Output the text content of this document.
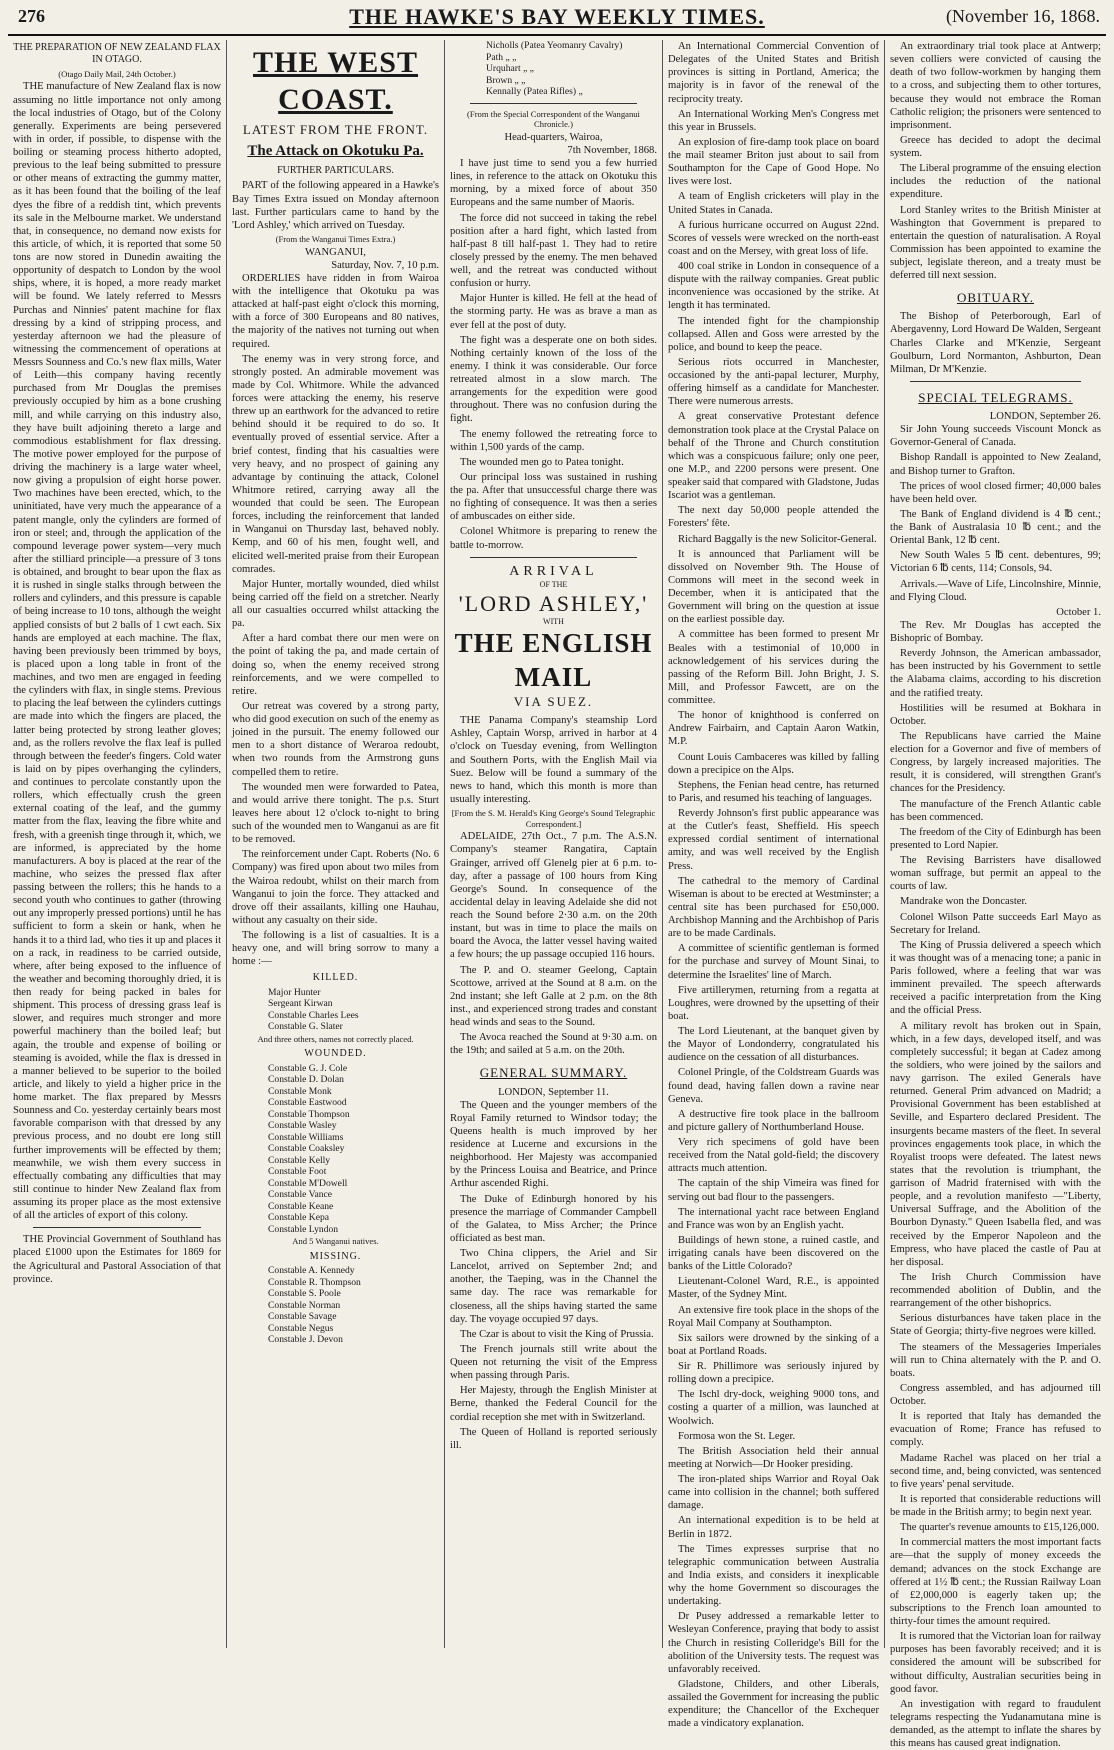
276	THE HAWKE'S BAY WEEKLY TIMES.	(November 16, 1868.
THE PREPARATION OF NEW ZEALAND FLAX IN OTAGO.
(Otago Daily Mail, 24th October.)

THE manufacture of New Zealand flax is now assuming no little importance not only among the local industries of Otago, but of the Colony generally. Experiments are being persevered with in order, if possible, to dispense with the boiling or steaming process hitherto adopted, previous to the leaf being submitted to pressure or other means of extracting the gummy matter, as it has been found that the boiling of the leaf dyes the fibre of a reddish tint, which prevents its sale in the Melbourne market. We understand that, in consequence, no demand now exists for this article, of which, it is reported that some 50 tons are now stored in Dunedin awaiting the opportunity of despatch to London by the wool ships, where, it is hoped, a more ready market will be found. We lately referred to Messrs Purchas and Ninnies' patent machine for flax dressing by a kind of stripping process, and yesterday afternoon we had the pleasure of witnessing the commencement of operations at Messrs Sounness and Co.'s new flax mills, Water of Leith—this company having recently purchased from Mr Douglas the premises previously occupied by him as a bone crushing mill, and while carrying on this industry also, they have built adjoining thereto a large and commodious establishment for flax dressing. The motive power employed for the purpose of driving the machinery is a large water wheel, now giving a propulsion of eight horse power. Two machines have been erected, which, to the uninitiated, have very much the appearance of a patent mangle, only the cylinders are formed of iron or steel; and, through the application of the compound leverage power system—very much after the stilliard principle—a pressure of 3 tons is obtained, and brought to bear upon the flax as it is rushed in single stalks through between the rollers and cylinders, and this pressure is capable of being increase to 10 tons, although the weight applied consists of but 2 balls of 1 cwt each. Six hands are employed at each machine. The flax, having been previously been trimmed by boys, is placed upon a long table in front of the machines, and two men are engaged in feeding the cylinders with flax, in single stems. Previous to placing the leaf between the cylinders cuttings are made into which the fingers are placed, the latter being protected by strong leather gloves; and, as the rollers revolve the flax leaf is pulled through between the feeder's fingers. Cold water is laid on by pipes overhanging the cylinders, and continues to percolate constantly upon the rollers, which effectually crush the green external coating of the leaf, and the gummy matter from the flax, leaving the fibre white and fresh, with a greenish tinge through it, which, we are informed, is appreciated by the home manufacturers. A boy is placed at the rear of the machine, who seizes the pressed flax after passing between the rollers; this he hands to a second youth who continues to gather (throwing out any improperly pressed portions) until he has sufficient to form a skein or hank, when he hands it to a third lad, who ties it up and places it on a rack, in readiness to be carried outside, where, after being exposed to the influence of the weather and becoming thoroughly dried, it is then ready for being packed in bales for shipment. This process of dressing grass leaf is slower, and requires much stronger and more powerful machinery than the boiled leaf; but again, the trouble and expense of boiling or steaming is avoided, while the flax is dressed in a manner believed to be superior to the boiled article, and likely to yield a higher price in the home market. The flax prepared by Messrs Sounness and Co. yesterday certainly bears most favorable comparison with that dressed by any previous process, and no doubt ere long still further improvements will be effected by them; meanwhile, we wish them every success in effectually combating any difficulties that may still continue to hinder New Zealand flax from assuming its proper place as the most extensive of all the articles of export of this colony.

THE Provincial Government of Southland has placed £1000 upon the Estimates for 1869 for the Agricultural and Pastoral Association of that province.

THE WEST COAST.
LATEST FROM THE FRONT.
The Attack on Okotuku Pa.
FURTHER PARTICULARS.

PART of the following appeared in a Hawke's Bay Times Extra issued on Monday afternoon last. Further particulars came to hand by the 'Lord Ashley,' which arrived on Tuesday.

(From the Wanganui Times Extra.)
WANGANUI,
Saturday, Nov. 7, 10 p.m.

ORDERLIES have ridden in from Wairoa with the intelligence that Okotuku pa was attacked at half-past eight o'clock this morning, with a force of 300 Europeans and 80 natives, the majority of the natives not turning out when required.

The enemy was in very strong force, and strongly posted. An admirable movement was made by Col. Whitmore. While the advanced forces were attacking the enemy, his reserve threw up an earthwork for the advanced to retire behind should it be required to do so. It eventually proved of essential service. After a brief contest, finding that his casualties were very heavy, and no prospect of gaining any advantage by continuing the attack, Colonel Whitmore retired, carrying away all the wounded that could be seen. The European forces, including the reinforcement that landed in Wanganui on Thursday last, behaved nobly. Kemp, and 60 of his men, fought well, and elicited well-merited praise from their European comrades.

Major Hunter, mortally wounded, died whilst being carried off the field on a stretcher. Nearly all our casualties occurred whilst attacking the pa.

After a hard combat there our men were on the point of taking the pa, and made certain of doing so, when the enemy received strong reinforcements, and we were compelled to retire.

Our retreat was covered by a strong party, who did good execution on such of the enemy as joined in the pursuit. The enemy followed our men to a short distance of Weraroa redoubt, when two rounds from the Armstrong guns compelled them to retire.

The wounded men were forwarded to Patea, and would arrive there tonight. The p.s. Sturt leaves here about 12 o'clock to-night to bring such of the wounded men to Wanganui as are fit to be removed.

The reinforcement under Capt. Roberts (No. 6 Company) was fired upon about two miles from the Wairoa redoubt, whilst on their march from Wanganui to join the force. They attacked and drove off their assailants, killing one Hauhau, without any casualty on their side.

The following is a list of casualties. It is a heavy one, and will bring sorrow to many a home :—

KILLED.
Major Hunter
Sergeant Kirwan
Constable Charles Lees
Constable G. Slater
And three others, names not correctly placed.
WOUNDED.
Constable G. J. Cole
Constable D. Dolan
Constable Monk
Constable Eastwood
Constable Thompson
Constable Wasley
Constable Williams
Constable Coaksley
Constable Kelly
Constable Foot
Constable M'Dowell
Constable Vance
Constable Keane
Constable Kepa
Constable Lyndon
And 5 Wanganui natives.
MISSING.
Constable A. Kennedy
Constable R. Thompson
Constable S. Poole
Constable Norman
Constable Savage
Constable Negus
Constable J. Devon
Nicholls (Patea Yeomanry Cavalry)
Path „ „
Urquhart „ „
Brown „ „
Kennally (Patea Rifles) „
(From the Special Correspondent of the Wanganui Chronicle.)
Head-quarters, Wairoa,
7th November, 1868.

I have just time to send you a few hurried lines, in reference to the attack on Okotuku this morning, by a mixed force of about 350 Europeans and the same number of Maoris.

The force did not succeed in taking the rebel position after a hard fight, which lasted from half-past 8 till half-past 1. They had to retire closely pressed by the enemy. The men behaved well, and the retreat was conducted without confusion or hurry.

Major Hunter is killed. He fell at the head of the storming party. He was as brave a man as ever fell at the post of duty.

The fight was a desperate one on both sides. Nothing certainly known of the loss of the enemy. I think it was considerable. Our force retreated almost in a slow march. The arrangements for the expedition were good throughout. There was no confusion during the fight.

The enemy followed the retreating force to within 1,500 yards of the camp.

The wounded men go to Patea tonight.

Our principal loss was sustained in rushing the pa. After that unsuccessful charge there was no fighting of consequence. It was then a series of ambuscades on either side.

Colonel Whitmore is preparing to renew the battle to-morrow.

ARRIVAL
OF THE
'LORD ASHLEY,'
WITH
THE ENGLISH MAIL
VIA SUEZ.

THE Panama Company's steamship Lord Ashley, Captain Worsp, arrived in harbor at 4 o'clock on Tuesday evening, from Wellington and Southern Ports, with the English Mail via Suez. Below will be found a summary of the news to hand, which this month is more than usually interesting.

[From the S. M. Herald's King George's Sound Telegraphic Correspondent.]

ADELAIDE, 27th Oct., 7 p.m. The A.S.N. Company's steamer Rangatira, Captain Grainger, arrived off Glenelg pier at 6 p.m. to-day, after a passage of 100 hours from King George's Sound. In consequence of the accidental delay in leaving Adelaide she did not reach the Sound before 2·30 a.m. on the 20th instant, but was in time to place the mails on board the Avoca, the latter vessel having waited a few hours; the up passage occupied 116 hours.

The P. and O. steamer Geelong, Captain Scottowe, arrived at the Sound at 8 a.m. on the 2nd instant; she left Galle at 2 p.m. on the 8th inst., and experienced strong trades and constant head winds and seas to the Sound.

The Avoca reached the Sound at 9·30 a.m. on the 19th; and sailed at 5 a.m. on the 20th.

GENERAL SUMMARY.
LONDON, September 11.

The Queen and the younger members of the Royal Family returned to Windsor today; the Queens health is much improved by her residence at Lucerne and excursions in the neighborhood. Her Majesty was accompanied by the Princess Louisa and Beatrice, and Prince Arthur ascended Righi.

The Duke of Edinburgh honored by his presence the marriage of Commander Campbell of the Galatea, to Miss Archer; the Prince officiated as best man.

Two China clippers, the Ariel and Sir Lancelot, arrived on September 2nd; and another, the Taeping, was in the Channel the same day. The race was remarkable for closeness, all the ships having started the same day. The voyage occupied 97 days.

The Czar is about to visit the King of Prussia.

The French journals still write about the Queen not returning the visit of the Empress when passing through Paris.

Her Majesty, through the English Minister at Berne, thanked the Federal Council for the cordial reception she met with in Switzerland.

The Queen of Holland is reported seriously ill.

An International Commercial Convention of Delegates of the United States and British provinces is sitting in Portland, America; the majority is in favor of the renewal of the reciprocity treaty.

An International Working Men's Congress met this year in Brussels.

An explosion of fire-damp took place on board the mail steamer Briton just about to sail from Southampton for the Cape of Good Hope. No lives were lost.

A team of English cricketers will play in the United States in Canada.

A furious hurricane occurred on August 22nd. Scores of vessels were wrecked on the north-east coast and on the Mersey, with great loss of life.

400 coal strike in London in consequence of a dispute with the railway companies. Great public inconvenience was occasioned by the strike. At length it has terminated.

The intended fight for the championship collapsed. Allen and Goss were arrested by the police, and bound to keep the peace.

Serious riots occurred in Manchester, occasioned by the anti-papal lecturer, Murphy, offering himself as a candidate for Manchester. There were numerous arrests.

A great conservative Protestant defence demonstration took place at the Crystal Palace on behalf of the Throne and Church constitution which was a conspicuous failure; only one peer, one M.P., and 2200 persons were present. One speaker said that compared with Gladstone, Judas Iscariot was a gentleman.

The next day 50,000 people attended the Foresters' fête.

Richard Baggally is the new Solicitor-General.

It is announced that Parliament will be dissolved on November 9th. The House of Commons will meet in the second week in December, when it is anticipated that the Government will bring on the question at issue on the earliest possible day.

A committee has been formed to present Mr Beales with a testimonial of 10,000 in acknowledgement of his services during the passing of the Reform Bill. John Bright, J. S. Mill, and Professor Fawcett, are on the committee.

The honor of knighthood is conferred on Andrew Fairbairn, and Captain Aaron Watkin, M.P.

Count Louis Cambaceres was killed by falling down a precipice on the Alps.

Stephens, the Fenian head centre, has returned to Paris, and resumed his teaching of languages.

Reverdy Johnson's first public appearance was at the Cutler's feast, Sheffield. His speech expressed cordial sentiment of international amity, and was well received by the English Press.

The cathedral to the memory of Cardinal Wiseman is about to be erected at Westminster; a central site has been purchased for £50,000. Archbishop Manning and the Archbishop of Paris are to be made Cardinals.

A committee of scientific gentleman is formed for the purchase and survey of Mount Sinai, to determine the Israelites' line of March.

Five artillerymen, returning from a regatta at Loughres, were drowned by the upsetting of their boat.

The Lord Lieutenant, at the banquet given by the Mayor of Londonderry, congratulated his audience on the cessation of all disturbances.

Colonel Pringle, of the Coldstream Guards was found dead, having fallen down a ravine near Geneva.

A destructive fire took place in the ballroom and picture gallery of Northumberland House.

Very rich specimens of gold have been received from the Natal gold-field; the discovery attracts much attention.

The captain of the ship Vimeira was fined for serving out bad flour to the passengers.

The international yacht race between England and France was won by an English yacht.

Buildings of hewn stone, a ruined castle, and irrigating canals have been discovered on the banks of the Little Colorado?

Lieutenant-Colonel Ward, R.E., is appointed Master, of the Sydney Mint.

An extensive fire took place in the shops of the Royal Mail Company at Southampton.

Six sailors were drowned by the sinking of a boat at Portland Roads.

Sir R. Phillimore was seriously injured by rolling down a precipice.

The Ischl dry-dock, weighing 9000 tons, and costing a quarter of a million, was launched at Woolwich.

Formosa won the St. Leger.

The British Association held their annual meeting at Norwich—Dr Hooker presiding.

The iron-plated ships Warrior and Royal Oak came into collision in the channel; both suffered damage.

An international expedition is to be held at Berlin in 1872.

The Times expresses surprise that no telegraphic communication between Australia and India exists, and considers it inexplicable why the home Government so discourages the undertaking.

Dr Pusey addressed a remarkable letter to Wesleyan Conference, praying that body to assist the Church in resisting Colleridge's Bill for the abolition of the University tests. The request was unfavorably received.

Gladstone, Childers, and other Liberals, assailed the Government for increasing the public expenditure; the Chancellor of the Exchequer made a vindicatory explanation.

An extraordinary trial took place at Antwerp; seven colliers were convicted of causing the death of two follow-workmen by hanging them to a cross, and subjecting them to other tortures, because they would not embrace the Roman Catholic religion; the prisoners were sentenced to imprisonment.

Greece has decided to adopt the decimal system.

The Liberal programme of the ensuing election includes the reduction of the national expenditure.

Lord Stanley writes to the British Minister at Washington that Government is prepared to entertain the question of naturalisation. A Royal Commission has been appointed to examine the subject, legislate thereon, and a treaty must be deferred till next session.

OBITUARY.

The Bishop of Peterborough, Earl of Abergavenny, Lord Howard De Walden, Sergeant Charles Clarke and M'Kenzie, Sergeant Goulburn, Lord Normanton, Ashburton, Dean Milman, Dr M'Kenzie.

SPECIAL TELEGRAMS.
LONDON, September 26.

Sir John Young succeeds Viscount Monck as Governor-General of Canada.

Bishop Randall is appointed to New Zealand, and Bishop turner to Grafton.

The prices of wool closed firmer; 40,000 bales have been held over.

The Bank of England dividend is 4 ℔ cent.; the Bank of Australasia 10 ℔ cent.; and the Oriental Bank, 12 ℔ cent.

New South Wales 5 ℔ cent. debentures, 99; Victorian 6 ℔ cents, 114; Consols, 94.

Arrivals.—Wave of Life, Lincolnshire, Minnie, and Flying Cloud.

October 1.

The Rev. Mr Douglas has accepted the Bishopric of Bombay.

Reverdy Johnson, the American ambassador, has been instructed by his Government to settle the Alabama claims, according to his discretion and the ratified treaty.

Hostilities will be resumed at Bokhara in October.

The Republicans have carried the Maine election for a Governor and five of members of Congress, by largely increased majorities. The result, it is considered, will strengthen Grant's chances for the Presidency.

The manufacture of the French Atlantic cable has been commenced.

The freedom of the City of Edinburgh has been presented to Lord Napier.

The Revising Barristers have disallowed woman suffrage, but permit an appeal to the courts of law.

Mandrake won the Doncaster.

Colonel Wilson Patte succeeds Earl Mayo as Secretary for Ireland.

The King of Prussia delivered a speech which it was thought was of a menacing tone; a panic in Paris followed, where a feeling that war was imminent prevailed. The speech afterwards received a pacific interpretation from the King and the official Press.

A military revolt has broken out in Spain, which, in a few days, developed itself, and was completely successful; it began at Cadez among the soldiers, who were joined by the sailors and navy garrison. The exiled Generals have returned. General Prim advanced on Madrid; a Provisional Government has been established at Seville, and Espartero declared President. The insurgents became masters of the fleet. In several provinces engagements took place, in which the Royalist troops were defeated. The latest news states that the revolution is triumphant, the garrison of Madrid fraternised with with the people, and a revolution manifesto —"Liberty, Universal Suffrage, and the Abolition of the Bourbon Dynasty." Queen Isabella fled, and was received by the Emperor Napoleon and the Empress, who have placed the castle of Pau at her disposal.

The Irish Church Commission have recommended abolition of Dublin, and the rearrangement of the other bishoprics.

Serious disturbances have taken place in the State of Georgia; thirty-five negroes were killed.

The steamers of the Messageries Imperiales will run to China alternately with the P. and O. boats.

Congress assembled, and has adjourned till October.

It is reported that Italy has demanded the evacuation of Rome; France has refused to comply.

Madame Rachel was placed on her trial a second time, and, being convicted, was sentenced to five years' penal servitude.

It is reported that considerable reductions will be made in the British army; to begin next year.

The quarter's revenue amounts to £15,126,000.

In commercial matters the most important facts are—that the supply of money exceeds the demand; advances on the stock Exchange are offered at 1½ ℔ cent.; the Russian Railway Loan of £2,000,000 is eagerly taken up; the subscriptions to the French loan amounted to thirty-four times the amount required.

It is rumored that the Victorian loan for railway purposes has been favorably received; and it is considered the amount will be subscribed for without difficulty, Australian securities being in good favor.

An investigation with regard to fraudulent telegrams respecting the Yudanamutana mine is demanded, as the attempt to inflate the shares by this means has caused great indignation.
